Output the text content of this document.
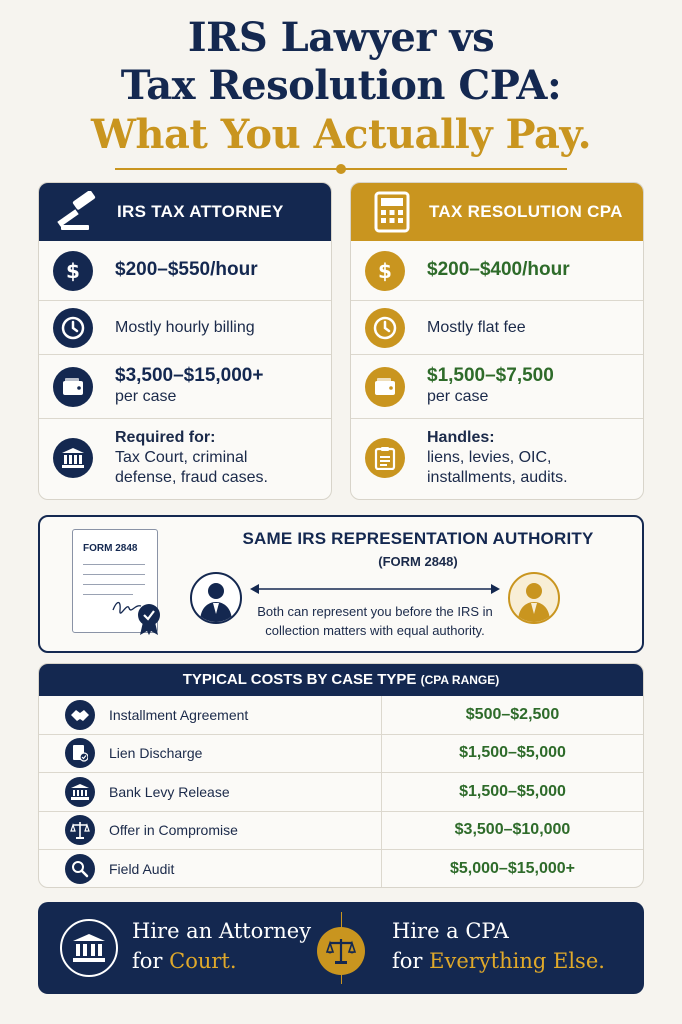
IRS Lawyer vs
Tax Resolution CPA:
What You Actually Pay.
IRS TAX ATTORNEY
$ $200–$550/hour
Mostly hourly billing
$3,500–$15,000+
per case
Required for:
Tax Court, criminal defense, fraud cases.
TAX RESOLUTION CPA
$ $200–$400/hour
Mostly flat fee
$1,500–$7,500
per case
Handles:
liens, levies, OIC, installments, audits.
FORM 2848
SAME IRS REPRESENTATION AUTHORITY
(FORM 2848)
Both can represent you before the IRS in collection matters with equal authority.
TYPICAL COSTS BY CASE TYPE (CPA RANGE)
Installment Agreement	$500–$2,500
Lien Discharge	$1,500–$5,000
Bank Levy Release	$1,500–$5,000
Offer in Compromise	$3,500–$10,000
Field Audit	$5,000–$15,000+
Hire an Attorney
for Court.
Hire a CPA
for Everything Else.
